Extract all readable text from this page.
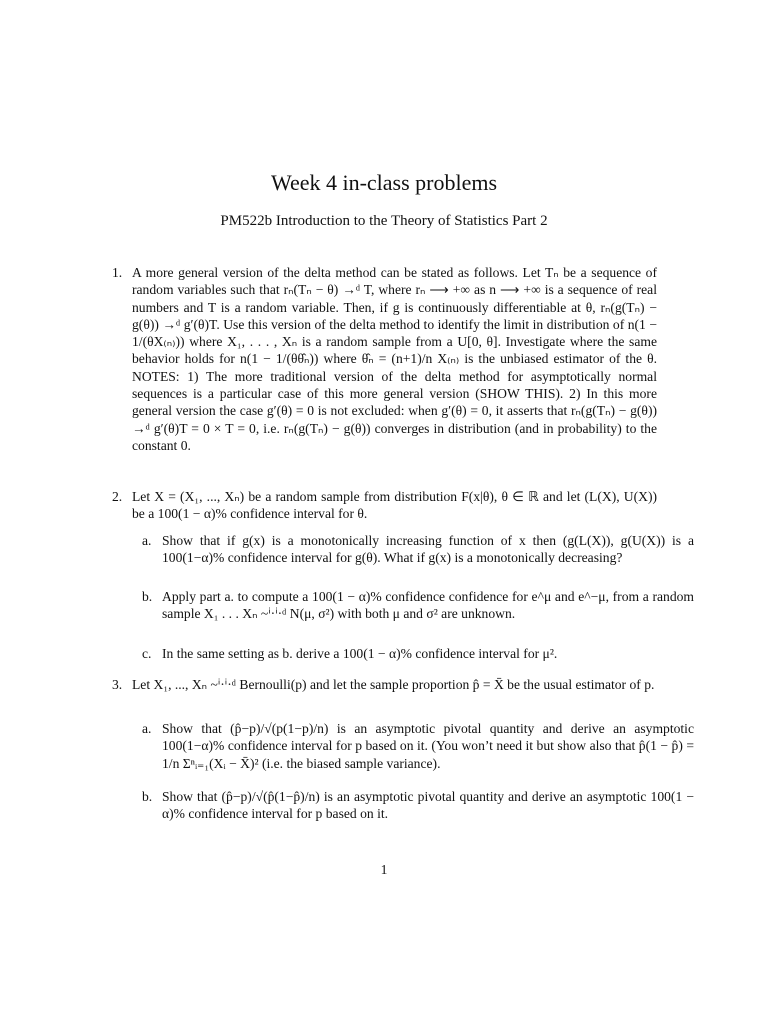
Week 4 in-class problems
PM522b Introduction to the Theory of Statistics Part 2
1. A more general version of the delta method can be stated as follows. Let Tₙ be a sequence of random variables such that rₙ(Tₙ − θ) →ᵈ T, where rₙ ⟶ +∞ as n ⟶ +∞ is a sequence of real numbers and T is a random variable. Then, if g is continuously differentiable at θ, rₙ(g(Tₙ) − g(θ)) →ᵈ g′(θ)T. Use this version of the delta method to identify the limit in distribution of n(1 − 1/(θX₍ₙ₎)) where X₁, . . . , Xₙ is a random sample from a U[0, θ]. Investigate where the same behavior holds for n(1 − 1/(θθ̂ₙ)) where θ̂ₙ = (n+1)/n X₍ₙ₎ is the unbiased estimator of the θ. NOTES: 1) The more traditional version of the delta method for asymptotically normal sequences is a particular case of this more general version (SHOW THIS). 2) In this more general version the case g′(θ) = 0 is not excluded: when g′(θ) = 0, it asserts that rₙ(g(Tₙ) − g(θ)) →ᵈ g′(θ)T = 0 × T = 0, i.e. rₙ(g(Tₙ) − g(θ)) converges in distribution (and in probability) to the constant 0.
2. Let X = (X₁, ..., Xₙ) be a random sample from distribution F(x|θ), θ ∈ ℝ and let (L(X), U(X)) be a 100(1 − α)% confidence interval for θ.
a. Show that if g(x) is a monotonically increasing function of x then (g(L(X)), g(U(X)) is a 100(1−α)% confidence interval for g(θ). What if g(x) is a monotonically decreasing?
b. Apply part a. to compute a 100(1 − α)% confidence confidence for e^μ and e^−μ, from a random sample X₁ . . . Xₙ ~ⁱ·ⁱ·ᵈ N(μ, σ²) with both μ and σ² are unknown.
c. In the same setting as b. derive a 100(1 − α)% confidence interval for μ².
3. Let X₁, ..., Xₙ ~ⁱ·ⁱ·ᵈ Bernoulli(p) and let the sample proportion p̂ = X̄ be the usual estimator of p.
a. Show that (p̂−p)/√(p(1−p)/n) is an asymptotic pivotal quantity and derive an asymptotic 100(1−α)% confidence interval for p based on it. (You won’t need it but show also that p̂(1 − p̂) = 1/n Σⁿᵢ₌₁(Xᵢ − X̄)² (i.e. the biased sample variance).
b. Show that (p̂−p)/√(p̂(1−p̂)/n) is an asymptotic pivotal quantity and derive an asymptotic 100(1 − α)% confidence interval for p based on it.
1
